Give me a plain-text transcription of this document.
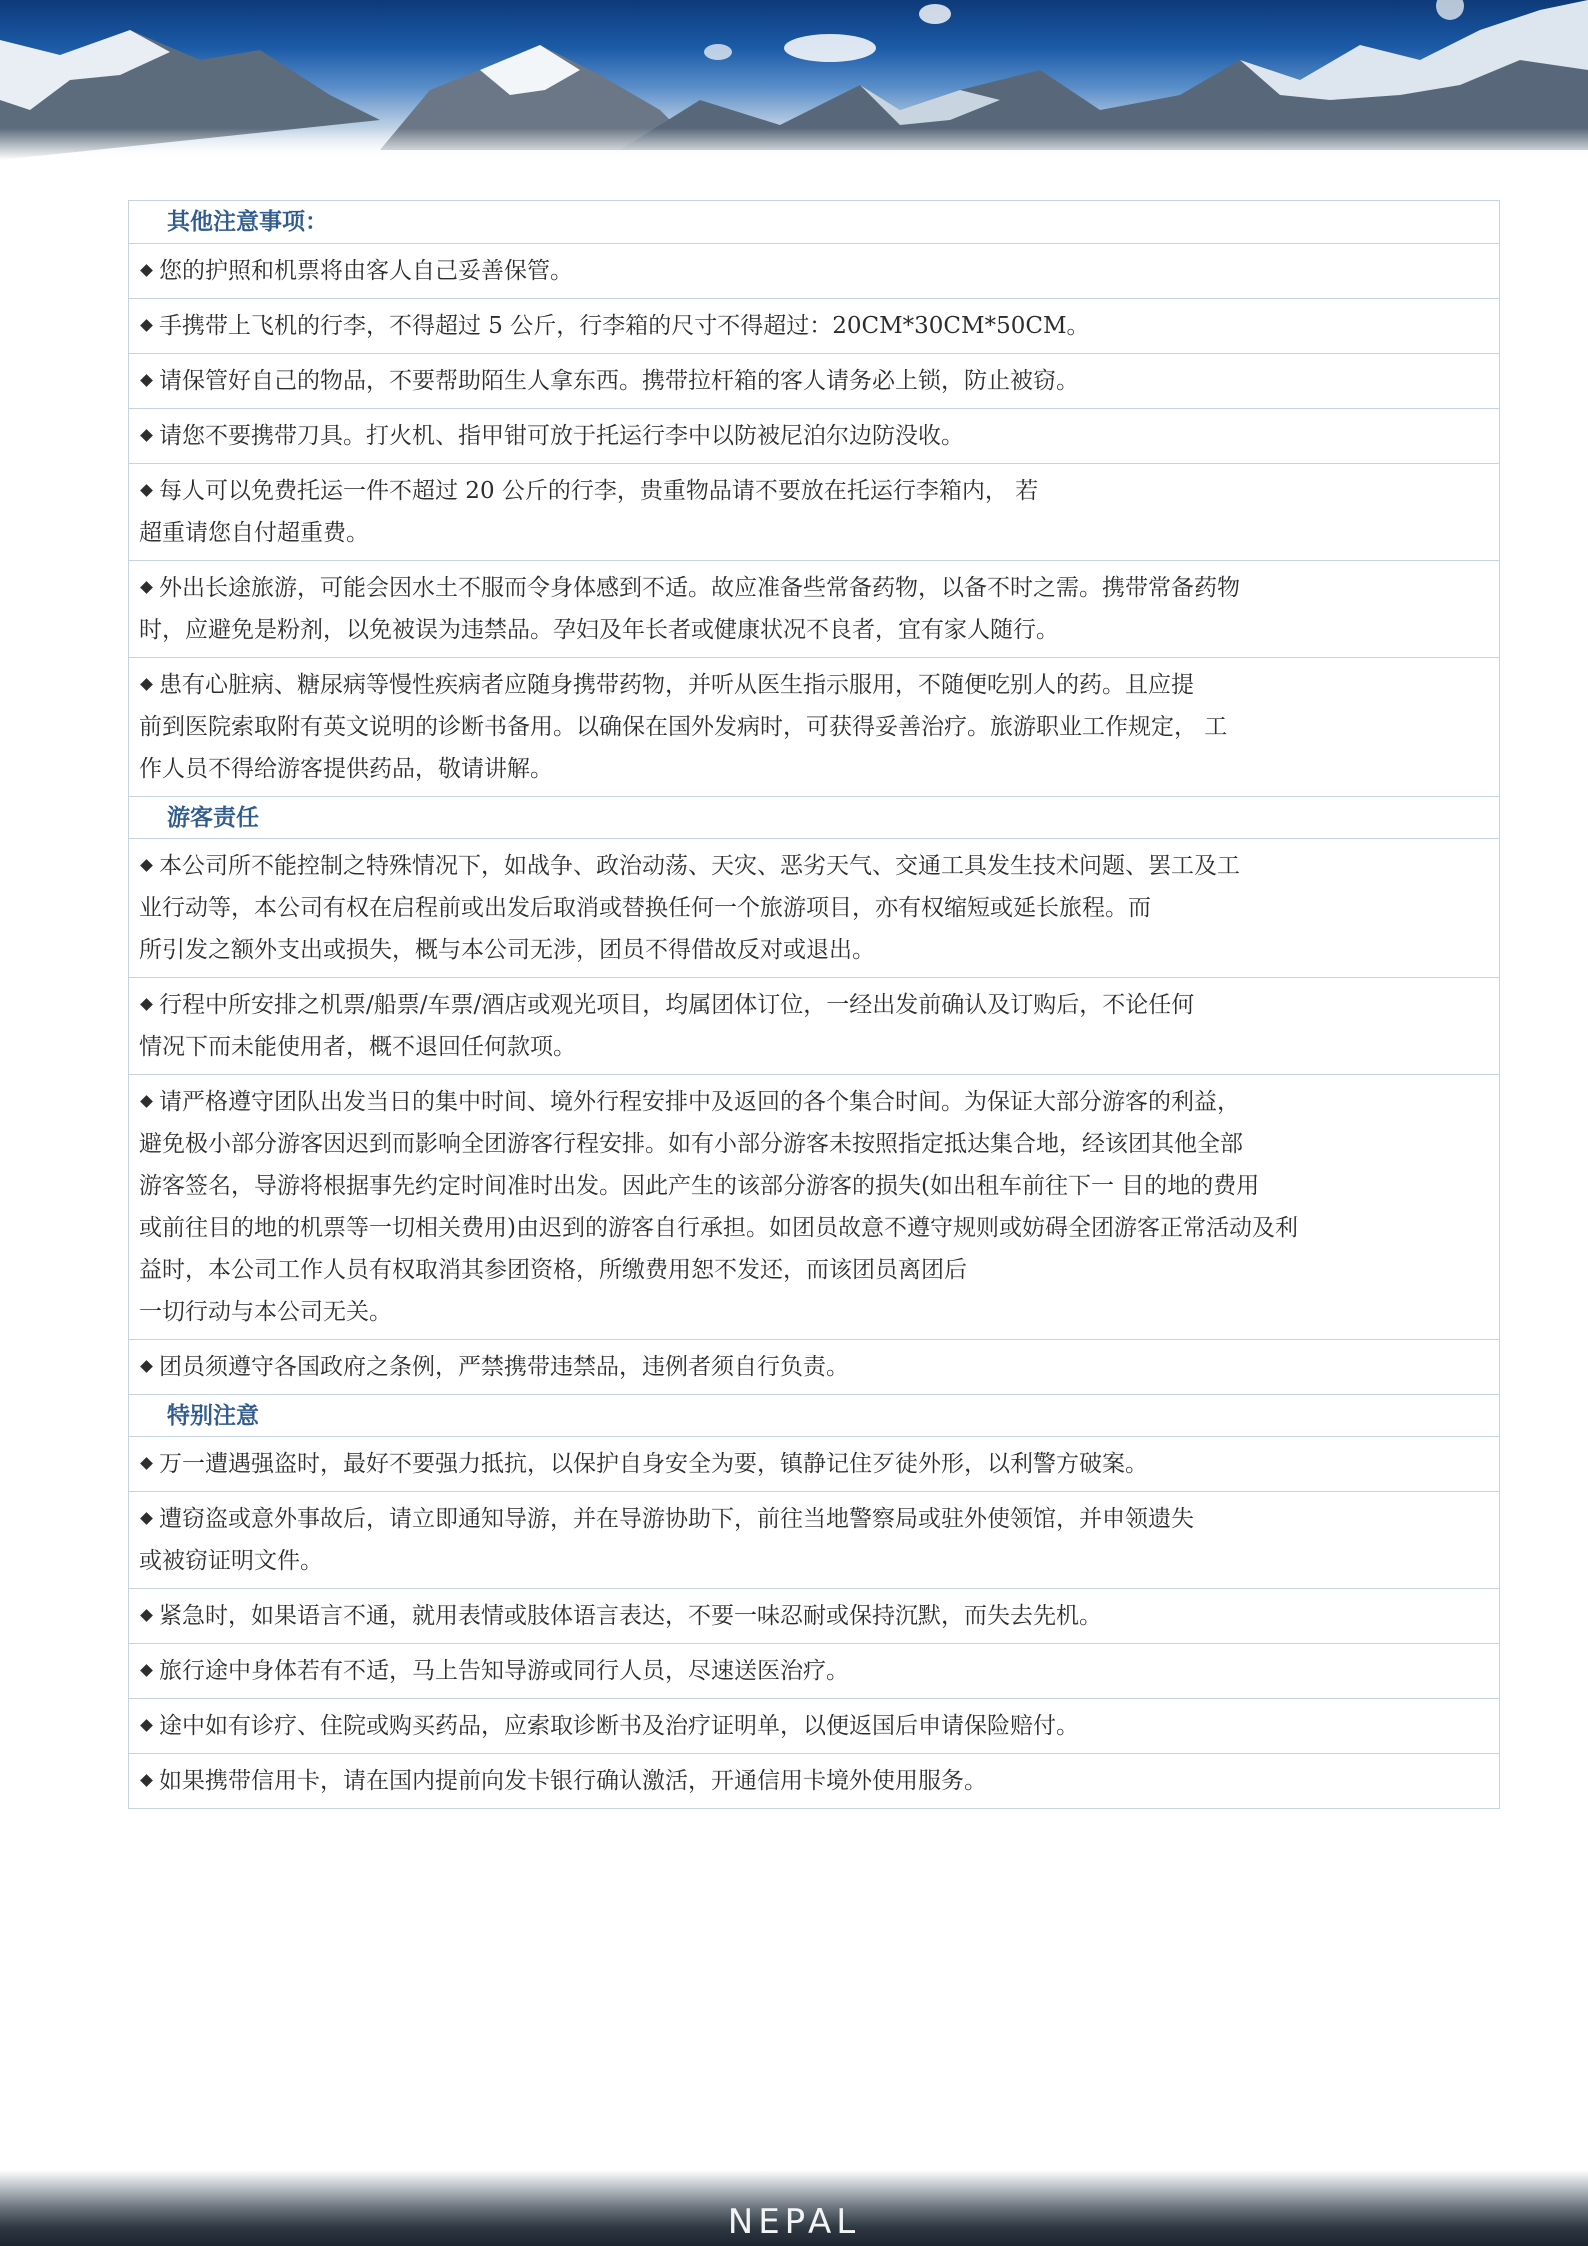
其他注意事项：
您的护照和机票将由客人自己妥善保管。
手携带上飞机的行李，不得超过 5 公斤，行李箱的尺寸不得超过：20CM*30CM*50CM。
请保管好自己的物品，不要帮助陌生人拿东西。携带拉杆箱的客人请务必上锁，防止被窃。
请您不要携带刀具。打火机、指甲钳可放于托运行李中以防被尼泊尔边防没收。
每人可以免费托运一件不超过 20 公斤的行李，贵重物品请不要放在托运行李箱内， 若
超重请您自付超重费。
外出长途旅游，可能会因水土不服而令身体感到不适。故应准备些常备药物，以备不时之需。携带常备药物
时，应避免是粉剂，以免被误为违禁品。孕妇及年长者或健康状况不良者，宜有家人随行。
患有心脏病、糖尿病等慢性疾病者应随身携带药物，并听从医生指示服用，不随便吃别人的药。且应提
前到医院索取附有英文说明的诊断书备用。以确保在国外发病时，可获得妥善治疗。旅游职业工作规定， 工
作人员不得给游客提供药品，敬请讲解。
游客责任
本公司所不能控制之特殊情况下，如战争、政治动荡、天灾、恶劣天气、交通工具发生技术问题、罢工及工
业行动等，本公司有权在启程前或出发后取消或替换任何一个旅游项目，亦有权缩短或延长旅程。而
所引发之额外支出或损失，概与本公司无涉，团员不得借故反对或退出。
行程中所安排之机票/船票/车票/酒店或观光项目，均属团体订位，一经出发前确认及订购后，不论任何
情况下而未能使用者，概不退回任何款项。
请严格遵守团队出发当日的集中时间、境外行程安排中及返回的各个集合时间。为保证大部分游客的利益，
避免极小部分游客因迟到而影响全团游客行程安排。如有小部分游客未按照指定抵达集合地，经该团其他全部
游客签名，导游将根据事先约定时间准时出发。因此产生的该部分游客的损失(如出租车前往下一 目的地的费用
或前往目的地的机票等一切相关费用)由迟到的游客自行承担。如团员故意不遵守规则或妨碍全团游客正常活动及利
益时，本公司工作人员有权取消其参团资格，所缴费用恕不发还，而该团员离团后
一切行动与本公司无关。
团员须遵守各国政府之条例，严禁携带违禁品，违例者须自行负责。
特别注意
万一遭遇强盗时，最好不要强力抵抗，以保护自身安全为要，镇静记住歹徒外形，以利警方破案。
遭窃盗或意外事故后，请立即通知导游，并在导游协助下，前往当地警察局或驻外使领馆，并申领遗失
或被窃证明文件。
紧急时，如果语言不通，就用表情或肢体语言表达，不要一味忍耐或保持沉默，而失去先机。
旅行途中身体若有不适，马上告知导游或同行人员，尽速送医治疗。
途中如有诊疗、住院或购买药品，应索取诊断书及治疗证明单，以便返国后申请保险赔付。
如果携带信用卡，请在国内提前向发卡银行确认激活，开通信用卡境外使用服务。
NEPAL
